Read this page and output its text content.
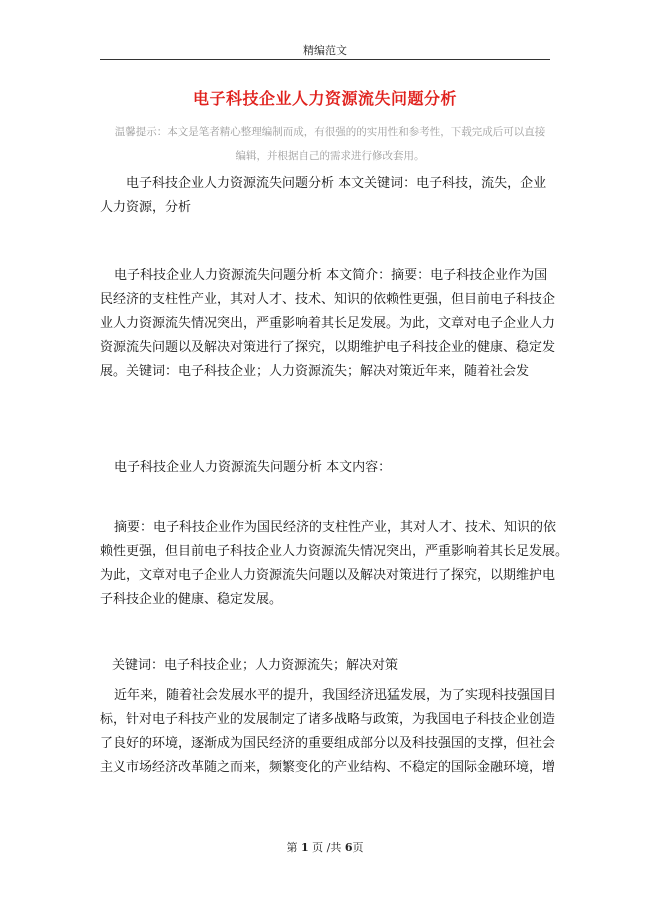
精编范文
电子科技企业人力资源流失问题分析
温馨提示：本文是笔者精心整理编制而成，有很强的的实用性和参考性，下载完成后可以直接
编辑，并根据自己的需求进行修改套用。
电子科技企业人力资源流失问题分析 本文关键词：电子科技，流失，企业
人力资源，分析
电子科技企业人力资源流失问题分析 本文简介：摘要：电子科技企业作为国
民经济的支柱性产业，其对人才、技术、知识的依赖性更强，但目前电子科技企
业人力资源流失情况突出，严重影响着其长足发展。为此，文章对电子企业人力
资源流失问题以及解决对策进行了探究，以期维护电子科技企业的健康、稳定发
展。关键词：电子科技企业；人力资源流失；解决对策近年来，随着社会发
电子科技企业人力资源流失问题分析 本文内容：
摘要：电子科技企业作为国民经济的支柱性产业，其对人才、技术、知识的依
赖性更强，但目前电子科技企业人力资源流失情况突出，严重影响着其长足发展。
为此，文章对电子企业人力资源流失问题以及解决对策进行了探究，以期维护电
子科技企业的健康、稳定发展。
关键词：电子科技企业；人力资源流失；解决对策
近年来，随着社会发展水平的提升，我国经济迅猛发展，为了实现科技强国目
标，针对电子科技产业的发展制定了诸多战略与政策，为我国电子科技企业创造
了良好的环境，逐渐成为国民经济的重要组成部分以及科技强国的支撑，但社会
主义市场经济改革随之而来，频繁变化的产业结构、不稳定的国际金融环境，增
第 1 页 /共 6页
